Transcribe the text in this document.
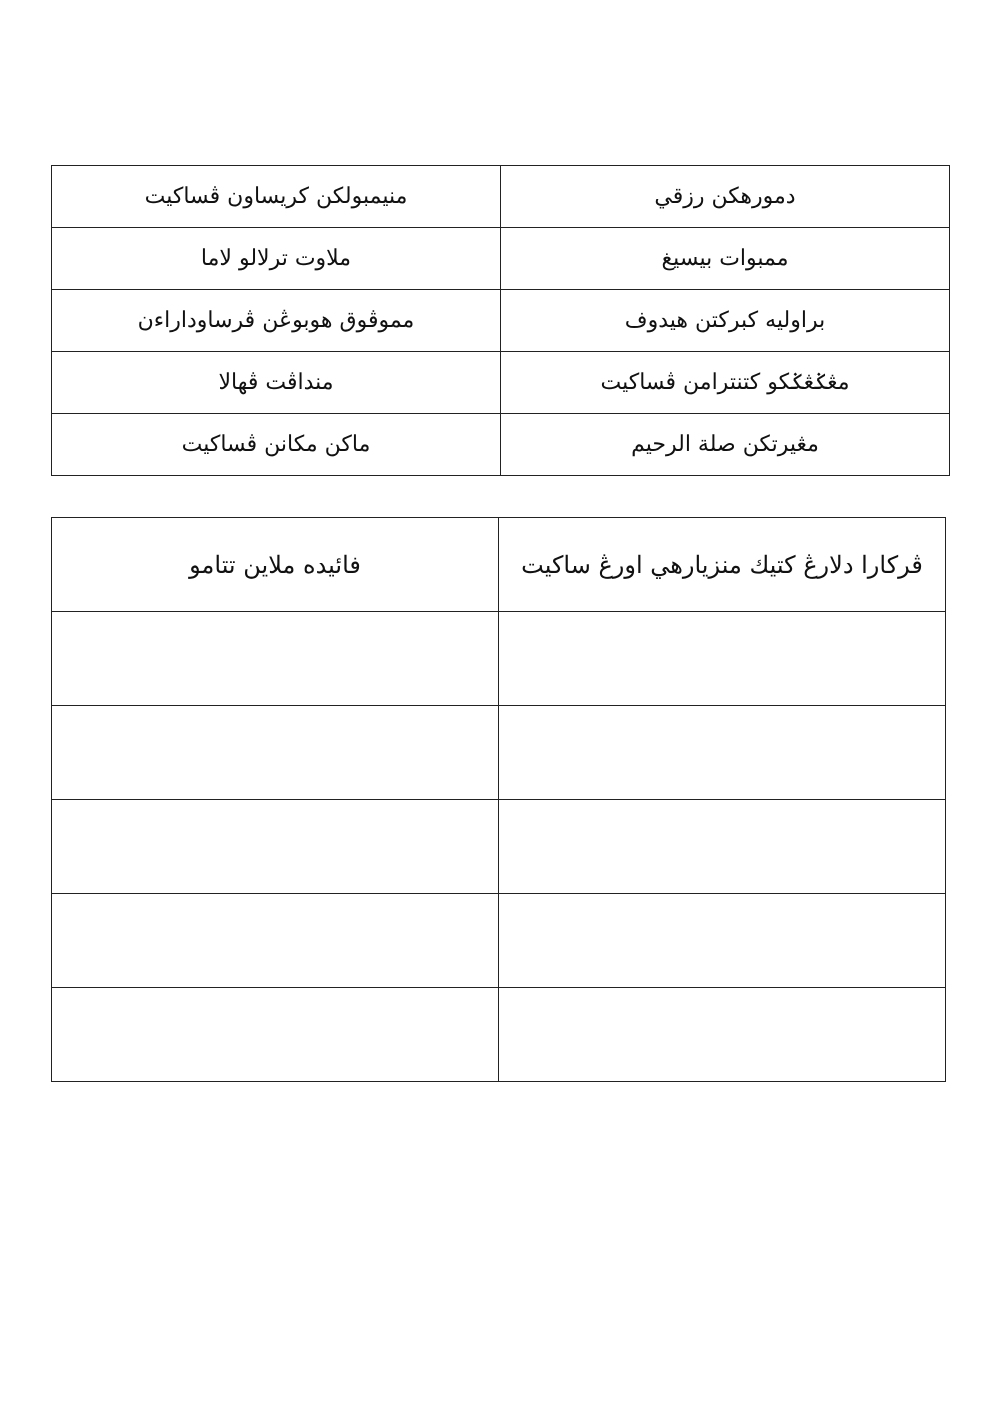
منيمبولكن كريساون ڤساكيت	دمورهكن رزقي
ملاوت ترلالو لاما	ممبوات بيسيغ
مموڤوق هوبوڠن ڤرساوداراءن	براوليه كبركتن هيدوف
منداڤت ڤهالا	مڠݢڠݢكو كتنترامن ڤساكيت
ماكن مكانن ڤساكيت	مڠيرتكن صلة الرحيم
فائيده ملاين تتامو	ڤركارا دلارڠ كتيك منزيارهي اورڠ ساكيت
